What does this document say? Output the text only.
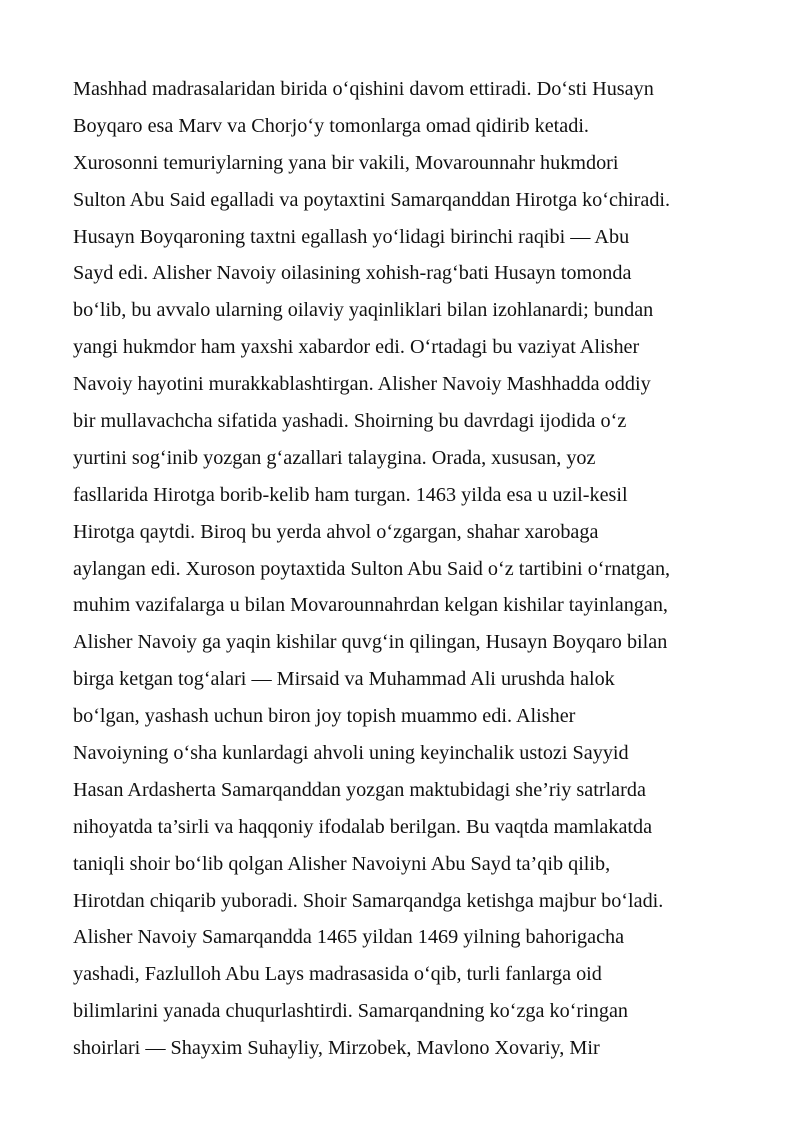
Mashhad madrasalaridan birida o‘qishini davom ettiradi. Do‘sti Husayn
Boyqaro esa Marv va Chorjo‘y tomonlarga omad qidirib ketadi.
Xurosonni temuriylarning yana bir vakili, Movarounnahr hukmdori
Sulton Abu Said egalladi va poytaxtini Samarqanddan Hirotga ko‘chiradi.
Husayn Boyqaroning taxtni egallash yo‘lidagi birinchi raqibi — Abu
Sayd edi. Alisher Navoiy oilasining xohish-rag‘bati Husayn tomonda
bo‘lib, bu avvalo ularning oilaviy yaqinliklari bilan izohlanardi; bundan
yangi hukmdor ham yaxshi xabardor edi. O‘rtadagi bu vaziyat Alisher
Navoiy hayotini murakkablashtirgan. Alisher Navoiy Mashhadda oddiy
bir mullavachcha sifatida yashadi. Shoirning bu davrdagi ijodida o‘z
yurtini sog‘inib yozgan g‘azallari talaygina. Orada, xususan, yoz
fasllarida Hirotga borib-kelib ham turgan. 1463 yilda esa u uzil-kesil
Hirotga qaytdi. Biroq bu yerda ahvol o‘zgargan, shahar xarobaga
aylangan edi. Xuroson poytaxtida Sulton Abu Said o‘z tartibini o‘rnatgan,
muhim vazifalarga u bilan Movarounnahrdan kelgan kishilar tayinlangan,
Alisher Navoiy ga yaqin kishilar quvg‘in qilingan, Husayn Boyqaro bilan
birga ketgan tog‘alari — Mirsaid va Muhammad Ali urushda halok
bo‘lgan, yashash uchun biron joy topish muammo edi. Alisher
Navoiyning o‘sha kunlardagi ahvoli uning keyinchalik ustozi Sayyid
Hasan Ardasherta Samarqanddan yozgan maktubidagi she’riy satrlarda
nihoyatda ta’sirli va haqqoniy ifodalab berilgan. Bu vaqtda mamlakatda
taniqli shoir bo‘lib qolgan Alisher Navoiyni Abu Sayd ta’qib qilib,
Hirotdan chiqarib yuboradi. Shoir Samarqandga ketishga majbur bo‘ladi.
Alisher Navoiy Samarqandda 1465 yildan 1469 yilning bahorigacha
yashadi, Fazlulloh Abu Lays madrasasida o‘qib, turli fanlarga oid
bilimlarini yanada chuqurlashtirdi. Samarqandning ko‘zga ko‘ringan
shoirlari — Shayxim Suhayliy, Mirzobek, Mavlono Xovariy, Mir
